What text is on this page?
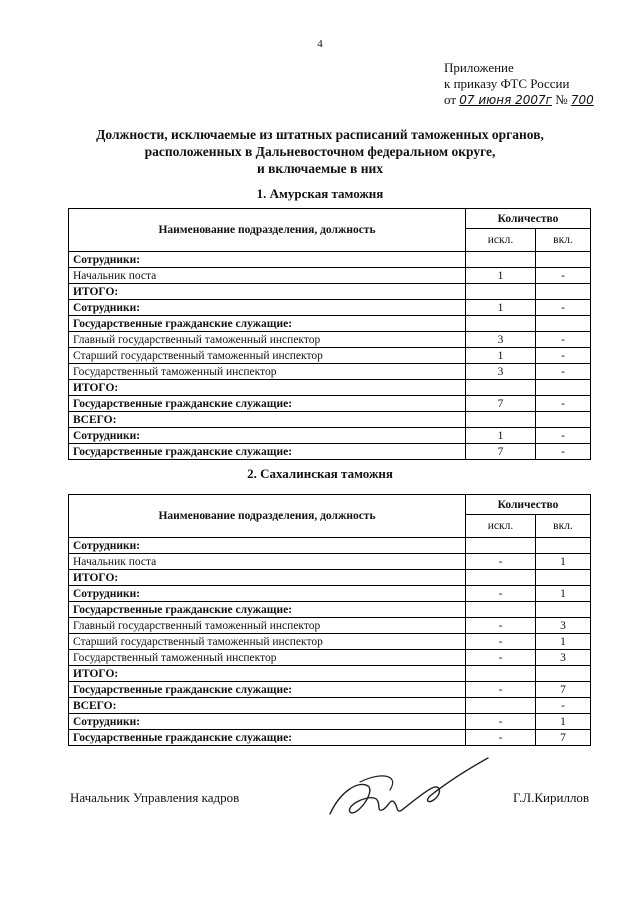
4
Приложение
к приказу ФТС России
от 07 июня 2007г № 700
Должности, исключаемые из штатных расписаний таможенных органов,
расположенных в Дальневосточном федеральном округе,
и включаемые в них
1. Амурская таможня
Наименование подразделения, должность	Количество	
	искл.	вкл.
Сотрудники:		
Начальник поста	1	-
ИТОГО:		
Сотрудники:	1	-
Государственные гражданские служащие:		
Главный государственный таможенный инспектор	3	-
Старший государственный таможенный инспектор	1	-
Государственный таможенный инспектор	3	-
ИТОГО:		
Государственные гражданские служащие:	7	-
ВСЕГО:		
Сотрудники:	1	-
Государственные гражданские служащие:	7	-
2. Сахалинская таможня
Наименование подразделения, должность	Количество	
	искл.	вкл.
Сотрудники:		
Начальник поста	-	1
ИТОГО:		
Сотрудники:	-	1
Государственные гражданские служащие:		
Главный государственный таможенный инспектор	-	3
Старший государственный таможенный инспектор	-	1
Государственный таможенный инспектор	-	3
ИТОГО:		
Государственные гражданские служащие:	-	7
ВСЕГО:		-
Сотрудники:	-	1
Государственные гражданские служащие:	-	7
Начальник Управления кадров	Г.Л.Кириллов
